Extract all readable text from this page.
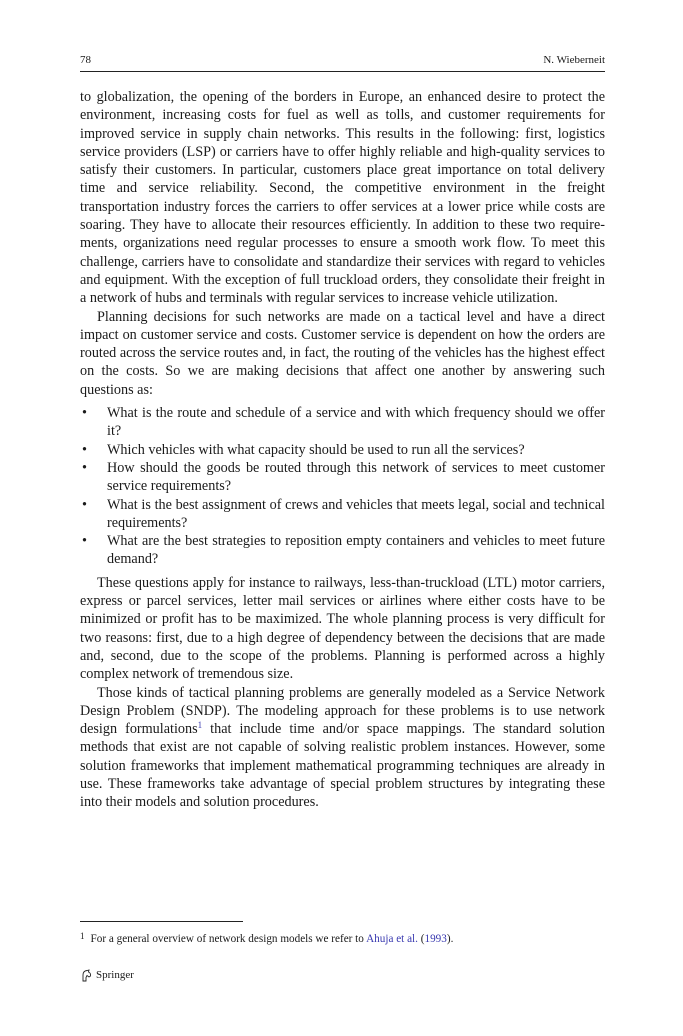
78	N. Wieberneit

to globalization, the opening of the borders in Europe, an enhanced desire to protect the environment, increasing costs for fuel as well as tolls, and customer requirements for improved service in supply chain networks. This results in the following: first, logistics service providers (LSP) or carriers have to offer highly reliable and high-quality services to satisfy their customers. In particular, customers place great importance on total delivery time and service reliability. Second, the competitive environment in the freight transportation industry forces the carriers to offer services at a lower price while costs are soaring. They have to allocate their resources efficiently. In addition to these two requirements, organizations need regular processes to ensure a smooth work flow. To meet this challenge, carriers have to consolidate and standardize their services with regard to vehicles and equipment. With the exception of full truckload orders, they consolidate their freight in a network of hubs and terminals with regular services to increase vehicle utilization.

Planning decisions for such networks are made on a tactical level and have a direct impact on customer service and costs. Customer service is dependent on how the orders are routed across the service routes and, in fact, the routing of the vehicles has the highest effect on the costs. So we are making decisions that affect one another by answering such questions as:

• What is the route and schedule of a service and with which frequency should we offer it?
• Which vehicles with what capacity should be used to run all the services?
• How should the goods be routed through this network of services to meet customer service requirements?
• What is the best assignment of crews and vehicles that meets legal, social and technical requirements?
• What are the best strategies to reposition empty containers and vehicles to meet future demand?

These questions apply for instance to railways, less-than-truckload (LTL) motor carriers, express or parcel services, letter mail services or airlines where either costs have to be minimized or profit has to be maximized. The whole planning process is very difficult for two reasons: first, due to a high degree of dependency between the decisions that are made and, second, due to the scope of the problems. Planning is performed across a highly complex network of tremendous size.

Those kinds of tactical planning problems are generally modeled as a Service Network Design Problem (SNDP). The modeling approach for these problems is to use network design formulations$^1$ that include time and/or space mappings. The standard solution methods that exist are not capable of solving realistic problem instances. However, some solution frameworks that implement mathematical programming techniques are already in use. These frameworks take advantage of special problem structures by integrating these into their models and solution procedures.

$^1$ For a general overview of network design models we refer to Ahuja et al. (1993).
Springer
